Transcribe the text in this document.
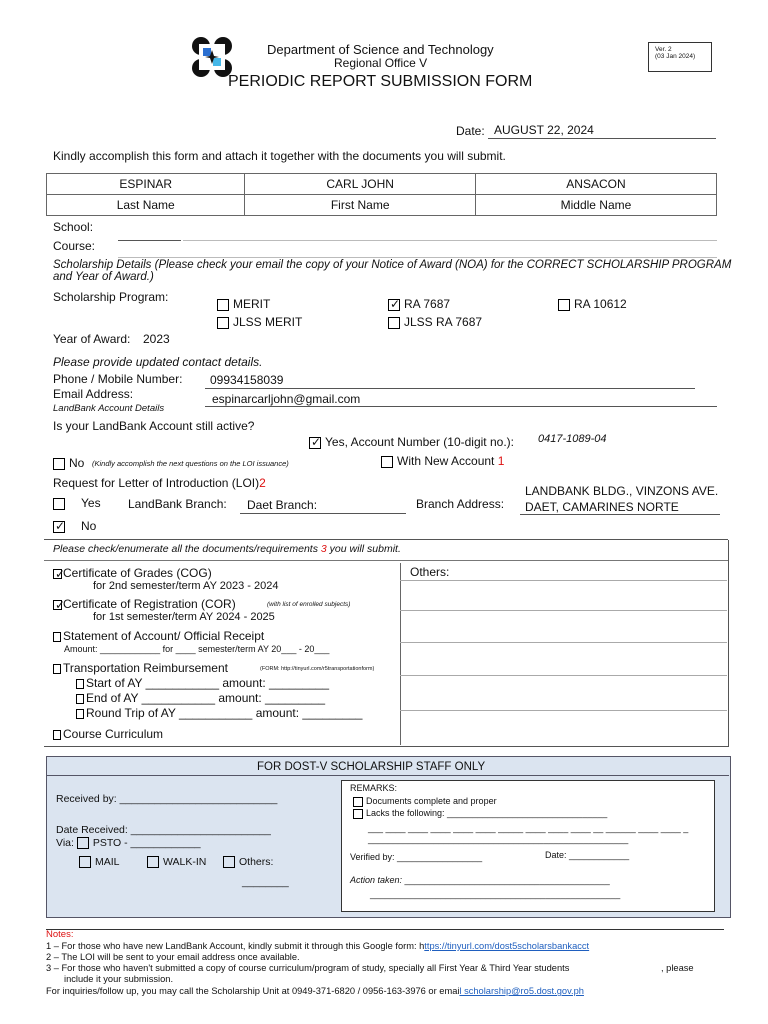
Department of Science and Technology
Regional Office V
PERIODIC REPORT SUBMISSION FORM
Ver. 2
(03 Jan 2024)
Date: AUGUST 22, 2024
Kindly accomplish this form and attach it together with the documents you will submit.
ESPINAR	CARL JOHN	ANSACON
Last Name	First Name	Middle Name
School:
Course:
Scholarship Details (Please check your email the copy of your Notice of Award (NOA) for the CORRECT SCHOLARSHIP PROGRAM and Year of Award.)
Scholarship Program:	MERIT ✓	RA 7687	RA 10612
JLSS MERIT	JLSS RA 7687
Year of Award: 2023
Please provide updated contact details.
Phone / Mobile Number: 09934158039
Email Address:	espinarcarljohn@gmail.com
LandBank Account Details
Is your LandBank Account still active?
✓Yes, Account Number (10-digit no.): 0417-1089-04
No (Kindly accomplish the next questions on the LOI issuance)	With New Account 1
Request for Letter of Introduction (LOI)2
Yes
✓No
LandBank Branch: Daet Branch:	Branch Address:
LANDBANK BLDG., VINZONS AVE.
DAET, CAMARINES NORTE
Please check/enumerate all the documents/requirements 3 you will submit.
Others:
✓Certificate of Grades (COG)
for 2nd semester/term AY 2023 - 2024
✓Certificate of Registration (COR)	(with list of enrolled subjects)
for 1st semester/term AY 2024 - 2025
Statement of Account/ Official Receipt
Amount: ____________ for ____ semester/term AY 20___ - 20___
Transportation Reimbursement	(FORM: http://tinyurl.com/r5transportationform)
Start of AY ___________ amount: _________
End of AY ___________ amount: _________
Round Trip of AY ___________ amount: _________
Course Curriculum
FOR DOST-V SCHOLARSHIP STAFF ONLY
Received by: ___________________________
Date Received: ________________________
Via: PSTO - ____________
MAIL	WALK-IN	Others:
________
REMARKS:
Documents complete and proper
Lacks the following: ________________________________
___ ____ ____ ____ ____ ____ _____ ____ ____ ____ __ ______ ____ ____ _
____________________________________________________
Verified by: _________________	Date: ____________
Action taken: _________________________________________
__________________________________________________
Notes:
1 – For those who have new LandBank Account, kindly submit it through this Google form: https://tinyurl.com/dost5scholarsbankacct
2 – The LOI will be sent to your email address once available.
3 – For those who haven't submitted a copy of course curriculum/program of study, specially all First Year & Third Year students	, please
include it your submission.
For inquiries/follow up, you may call the Scholarship Unit at 0949-371-6820 / 0956-163-3976 or email scholarship@ro5.dost.gov.ph
